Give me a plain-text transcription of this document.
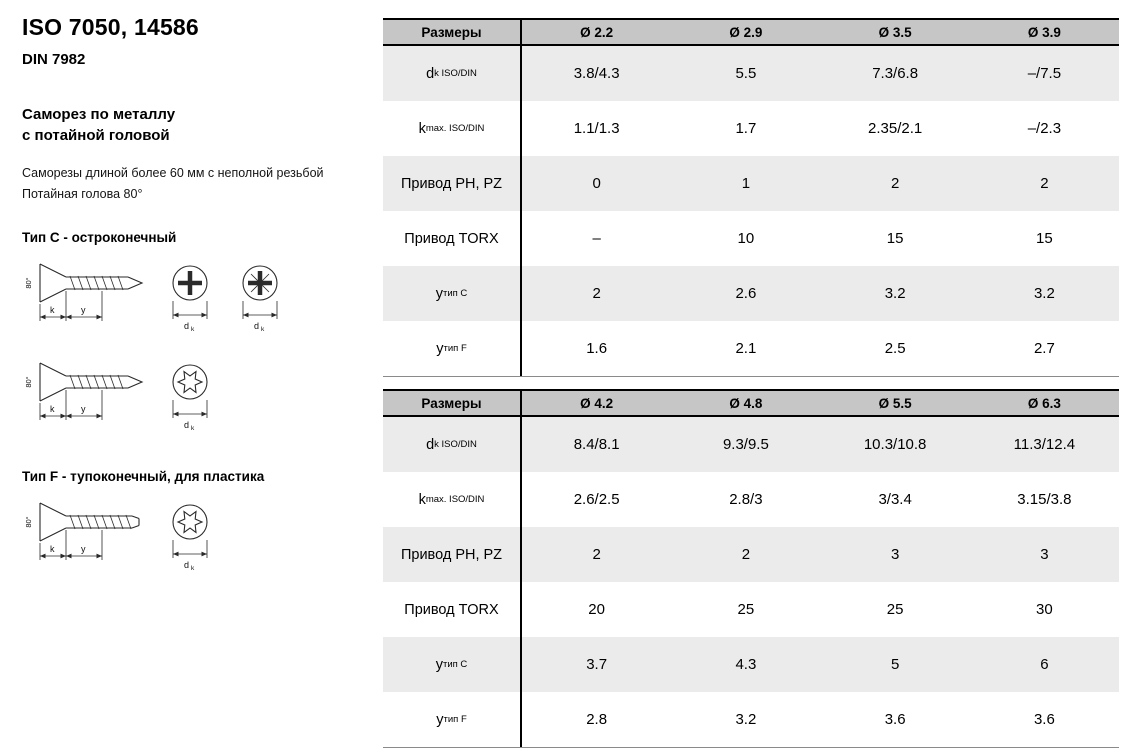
ISO 7050, 14586
DIN 7982
Саморез по металлу
с потайной головой
Саморезы длиной более 60 мм с неполной резьбой
Потайная голова 80°
Тип C - остроконечный
80°
k	y
d k	d k
80°
k	y
d k
Тип F - тупоконечный, для пластика
80°
k	y
d k
Размеры	Ø 2.2	Ø 2.9	Ø 3.5	Ø 3.9
d k ISO/DIN	3.8/4.3	5.5	7.3/6.8	–/7.5
k max. ISO/DIN	1.1/1.3	1.7	2.35/2.1	–/2.3
Привод PH, PZ	0	1	2	2
Привод TORX	–	10	15	15
y тип C	2	2.6	3.2	3.2
y тип F	1.6	2.1	2.5	2.7
Размеры	Ø 4.2	Ø 4.8	Ø 5.5	Ø 6.3
d k ISO/DIN	8.4/8.1	9.3/9.5	10.3/10.8	11.3/12.4
k max. ISO/DIN	2.6/2.5	2.8/3	3/3.4	3.15/3.8
Привод PH, PZ	2	2	3	3
Привод TORX	20	25	25	30
y тип C	3.7	4.3	5	6
y тип F	2.8	3.2	3.6	3.6
